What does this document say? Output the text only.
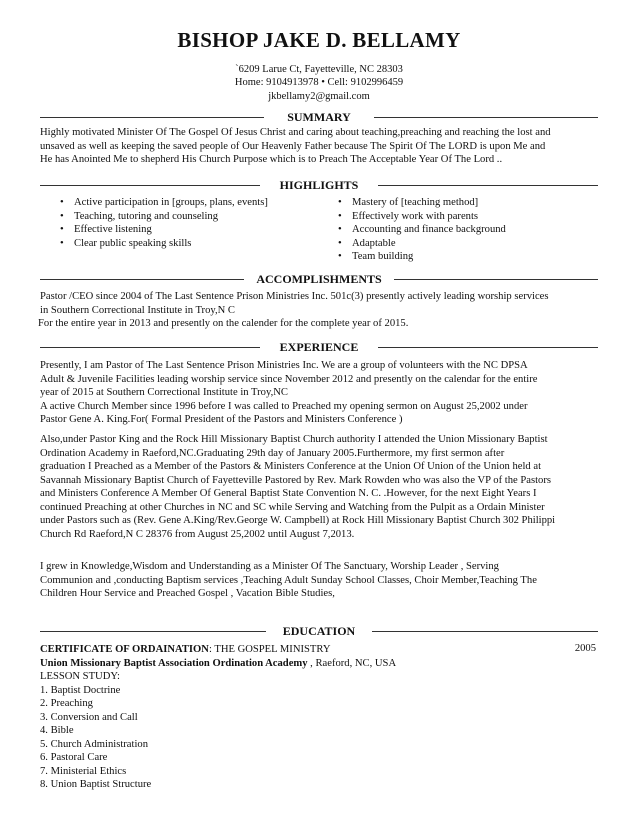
BISHOP JAKE D. BELLAMY
`6209 Larue Ct, Fayetteville, NC 28303
Home: 9104913978 • Cell: 9102996459
jkbellamy2@gmail.com
SUMMARY
Highly motivated Minister Of The Gospel Of Jesus Christ and caring about teaching,preaching and reaching the lost and
unsaved as well as keeping the saved people of Our Heavenly Father because The Spirit Of The LORD is upon Me and
He has Anointed Me to shepherd His Church Purpose which is to Preach The Acceptable Year Of The Lord ..
HIGHLIGHTS
• Active participation in [groups, plans, events]
• Teaching, tutoring and counseling
• Effective listening
• Clear public speaking skills
• Mastery of [teaching method]
• Effectively work with parents
• Accounting and finance background
• Adaptable
• Team building
ACCOMPLISHMENTS
Pastor /CEO since 2004 of The Last Sentence Prison Ministries Inc. 501c(3) presently actively leading worship services
in Southern Correctional Institute in Troy,N C
For the entire year in 2013 and presently on the calender for the complete year of 2015.
EXPERIENCE
Presently, I am Pastor of The Last Sentence Prison Ministries Inc. We are a group of volunteers with the NC DPSA
Adult & Juvenile Facilities leading worship service since November 2012 and presently on the calendar for the entire
year of 2015 at Southern Correctional Institute in Troy,NC
A active Church Member since 1996 before I was called to Preached my opening sermon on August 25,2002 under
Pastor Gene A. King.For( Formal President of the Pastors and Ministers Conference )
Also,under Pastor King and the Rock Hill Missionary Baptist Church authority I attended the Union Missionary Baptist
Ordination Academy in Raeford,NC.Graduating 29th day of January 2005.Furthermore, my first sermon after
graduation I Preached as a Member of the Pastors & Ministers Conference at the Union Of Union of the Union held at
Savannah Missionary Baptist Church of Fayetteville Pastored by Rev. Mark Rowden who was also the VP of the Pastors
and Ministers Conference A Member Of General Baptist State Convention N. C. .However, for the next Eight Years I
continued Preaching at other Churches in NC and SC while Serving and Watching from the Pulpit as a Ordain Minister
under Pastors such as (Rev. Gene A.King/Rev.George W. Campbell) at Rock Hill Missionary Baptist Church 302 Philippi
Church Rd Raeford,N C 28376 from August 25,2002 until August 7,2013.
I grew in Knowledge,Wisdom and Understanding as a Minister Of The Sanctuary, Worship Leader , Serving
Communion and ,conducting Baptism services ,Teaching Adult Sunday School Classes, Choir Member,Teaching The
Children Hour Service and Preached Gospel , Vacation Bible Studies,
EDUCATION
2005
CERTIFICATE OF ORDAINATION: THE GOSPEL MINISTRY
Union Missionary Baptist Association Ordination Academy , Raeford, NC, USA
LESSON STUDY:
1. Baptist Doctrine
2. Preaching
3. Conversion and Call
4. Bible
5. Church Administration
6. Pastoral Care
7. Ministerial Ethics
8. Union Baptist Structure
